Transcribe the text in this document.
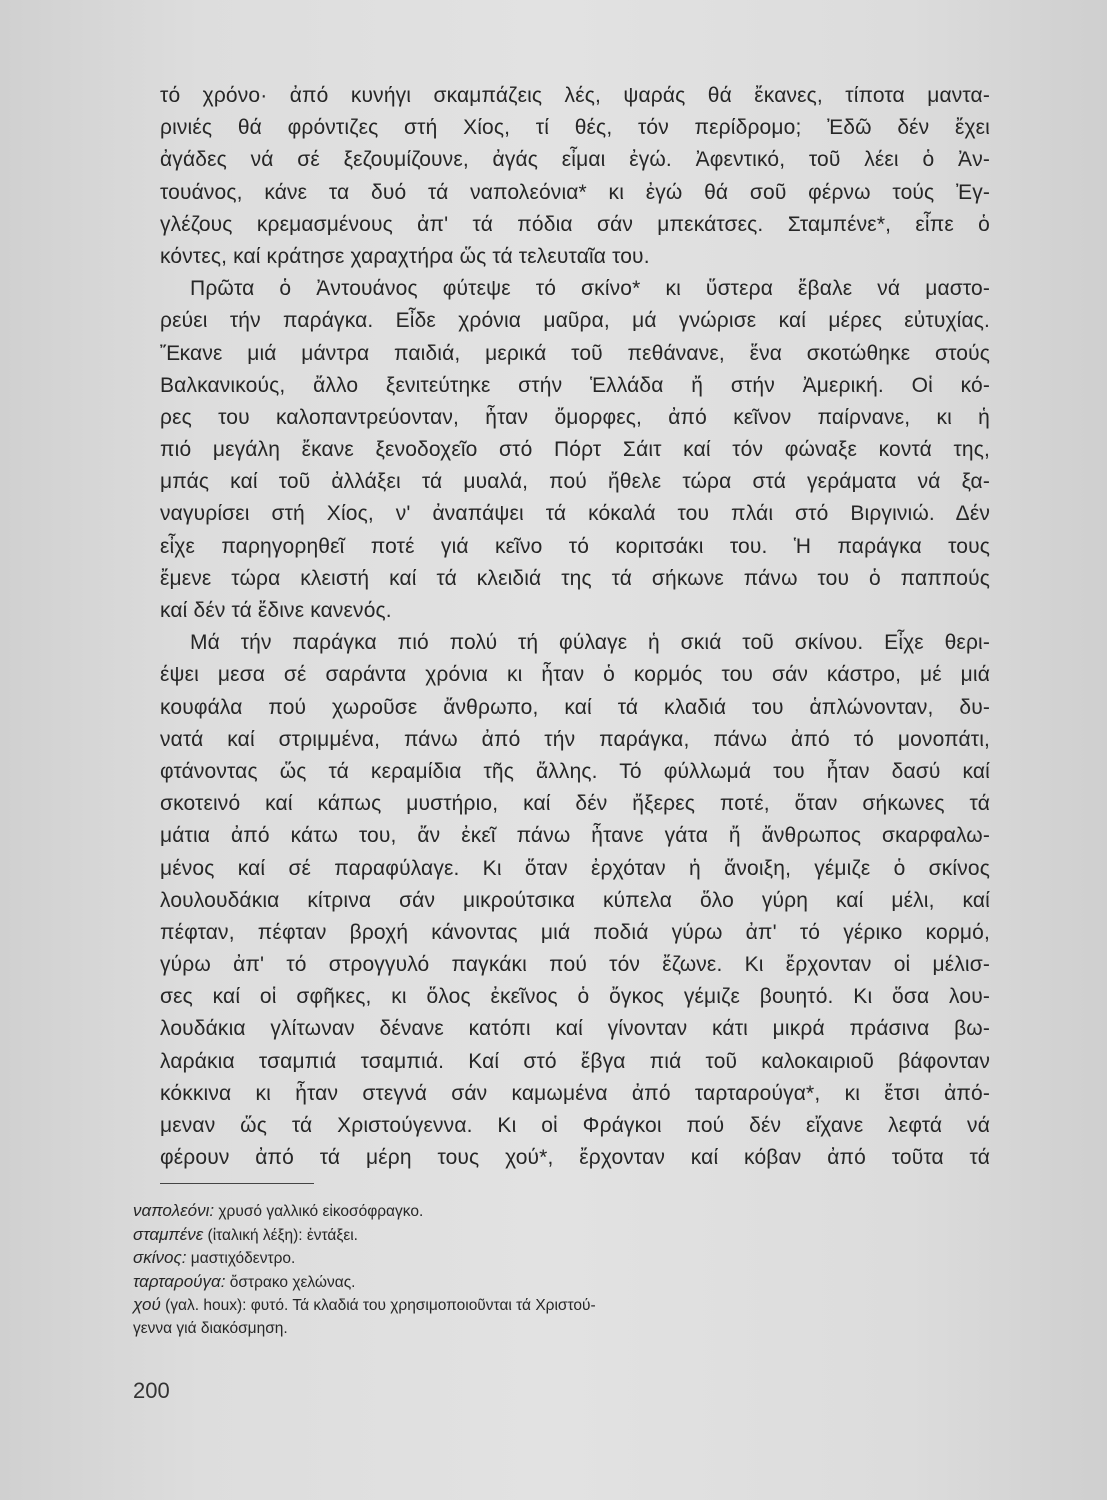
τό χρόνο· ἀπό κυνήγι σκαμπάζεις λές, ψαράς θά ἔκανες, τίποτα μαντα-
ρινιές θά φρόντιζες στή Χίος, τί θές, τόν περίδρομο; Ἐδῶ δέν ἔχει
ἀγάδες νά σέ ξεζουμίζουνε, ἀγάς εἶμαι ἐγώ. Ἀφεντικό, τοῦ λέει ὁ Ἀν-
τουάνος, κάνε τα δυό τά ναπολεόνια* κι ἐγώ θά σοῦ φέρνω τούς Ἐγ-
γλέζους κρεμασμένους ἀπ' τά πόδια σάν μπεκάτσες. Σταμπένε*, εἶπε ὁ
κόντες, καί κράτησε χαραχτήρα ὥς τά τελευταῖα του.
Πρῶτα ὁ Ἀντουάνος φύτεψε τό σκίνο* κι ὕστερα ἔβαλε νά μαστο-
ρεύει τήν παράγκα. Εἶδε χρόνια μαῦρα, μά γνώρισε καί μέρες εὐτυχίας.
Ἔκανε μιά μάντρα παιδιά, μερικά τοῦ πεθάνανε, ἕνα σκοτώθηκε στούς
Βαλκανικούς, ἄλλο ξενιτεύτηκε στήν Ἑλλάδα ἤ στήν Ἀμερική. Οἱ κό-
ρες του καλοπαντρεύονταν, ἦταν ὄμορφες, ἀπό κεῖνον παίρνανε, κι ἡ
πιό μεγάλη ἔκανε ξενοδοχεῖο στό Πόρτ Σάιτ καί τόν φώναξε κοντά της,
μπάς καί τοῦ ἀλλάξει τά μυαλά, πού ἤθελε τώρα στά γεράματα νά ξα-
ναγυρίσει στή Χίος, ν' ἀναπάψει τά κόκαλά του πλάι στό Βιργινιώ. Δέν
εἶχε παρηγορηθεῖ ποτέ γιά κεῖνο τό κοριτσάκι του. Ἡ παράγκα τους
ἔμενε τώρα κλειστή καί τά κλειδιά της τά σήκωνε πάνω του ὁ παππούς
καί δέν τά ἔδινε κανενός.
Μά τήν παράγκα πιό πολύ τή φύλαγε ἡ σκιά τοῦ σκίνου. Εἶχε θερι-
έψει μεσα σέ σαράντα χρόνια κι ἦταν ὁ κορμός του σάν κάστρο, μέ μιά
κουφάλα πού χωροῦσε ἄνθρωπο, καί τά κλαδιά του ἁπλώνονταν, δυ-
νατά καί στριμμένα, πάνω ἀπό τήν παράγκα, πάνω ἀπό τό μονοπάτι,
φτάνοντας ὥς τά κεραμίδια τῆς ἄλλης. Τό φύλλωμά του ἦταν δασύ καί
σκοτεινό καί κάπως μυστήριο, καί δέν ἤξερες ποτέ, ὅταν σήκωνες τά
μάτια ἀπό κάτω του, ἄν ἐκεῖ πάνω ἦτανε γάτα ἤ ἄνθρωπος σκαρφαλω-
μένος καί σέ παραφύλαγε. Κι ὅταν ἐρχόταν ἡ ἄνοιξη, γέμιζε ὁ σκίνος
λουλουδάκια κίτρινα σάν μικρούτσικα κύπελα ὅλο γύρη καί μέλι, καί
πέφταν, πέφταν βροχή κάνοντας μιά ποδιά γύρω ἀπ' τό γέρικο κορμό,
γύρω ἀπ' τό στρογγυλό παγκάκι πού τόν ἔζωνε. Κι ἔρχονταν οἱ μέλισ-
σες καί οἱ σφῆκες, κι ὅλος ἐκεῖνος ὁ ὄγκος γέμιζε βουητό. Κι ὅσα λου-
λουδάκια γλίτωναν δένανε κατόπι καί γίνονταν κάτι μικρά πράσινα βω-
λαράκια τσαμπιά τσαμπιά. Καί στό ἔβγα πιά τοῦ καλοκαιριοῦ βάφονταν
κόκκινα κι ἦταν στεγνά σάν καμωμένα ἀπό ταρταρούγα*, κι ἔτσι ἀπό-
μεναν ὥς τά Χριστούγεννα. Κι οἱ Φράγκοι πού δέν εἴχανε λεφτά νά
φέρουν ἀπό τά μέρη τους χού*, ἔρχονταν καί κόβαν ἀπό τοῦτα τά
ναπολεόνι: χρυσό γαλλικό εἰκοσόφραγκο.
σταμπένε (ἰταλική λέξη): ἐντάξει.
σκίνος: μαστιχόδεντρο.
ταρταρούγα: ὄστρακο χελώνας.
χού (γαλ. houx): φυτό. Τά κλαδιά του χρησιμοποιοῦνται τά Χριστού-
γεννα γιά διακόσμηση.
200
